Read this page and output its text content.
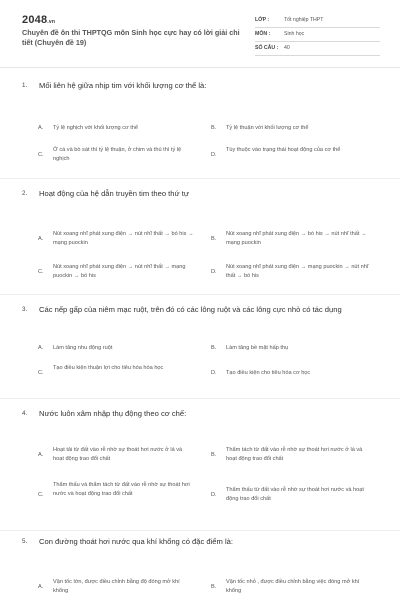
2048.vn
Chuyên đề ôn thi THPTQG môn Sinh học cực hay có lời giải chi tiết (Chuyên đề 19)
LỚP :	Tốt nghiệp THPT
MÔN :	Sinh học
SỐ CÂU : 40
1. Mối liên hệ giữa nhịp tim với khối lượng cơ thể là:
A.	Tỷ lệ nghịch với khối lượng cơ thể	B.	Tỷ lệ thuận với khối lượng cơ thể
C.
Ở cá và bò sát thì tỷ lệ thuận, ở chim và thú thì tỷ lệ nghịch
D.
Tùy thuộc vào trạng thái hoạt động của cơ thể
2. Hoạt động của hệ dẫn truyền tim theo thứ tự
A.
Nút xoang nhĩ phát xung điện → nút nhĩ thất → bó his → mạng puockin
B.
Nút xoang nhĩ phát xung điện → bó his → nút nhĩ thất → mạng puockin
C.
Nút xoang nhĩ phát xung điện → nút nhĩ thất → mạng puockin → bó his
D.
Nút xoang nhĩ phát xung điện → mạng puockin → nút nhĩ thất → bó his
3. Các nếp gấp của niêm mạc ruột, trên đó có các lông ruột và các lông cực nhỏ có tác dụng
A.	Làm tăng nhu động ruột	B.	Làm tăng bề mặt hấp thụ
C.
Tạo điều kiện thuận lợi cho tiêu hóa hóa học
D.	Tạo điều kiện cho tiêu hóa cơ học
4. Nước luôn xâm nhập thụ động theo cơ chế:
A.
Hoạt tải từ đất vào rễ nhờ sự thoát hơi nước ở lá và hoạt động trao đổi chất
B.
Thẩm tách từ đất vào rễ nhờ sự thoát hơi nước ở lá và hoạt động trao đổi chất
C.
Thẩm thấu và thẩm tách từ đất vào rễ nhờ sự thoát hơi nước và hoạt động trao đổi chất	D.
Thẩm thấu từ đất vào rễ nhờ sự thoát hơi nước và hoạt động trao đổi chất
5. Con đường thoát hơi nước qua khí khổng có đặc điểm là:
A.
Vận tốc lớn, được điều chỉnh bằng độ đóng mở khí khổng
B.
Vận tốc nhỏ , được điều chỉnh bằng việc đóng mở khí khổng
